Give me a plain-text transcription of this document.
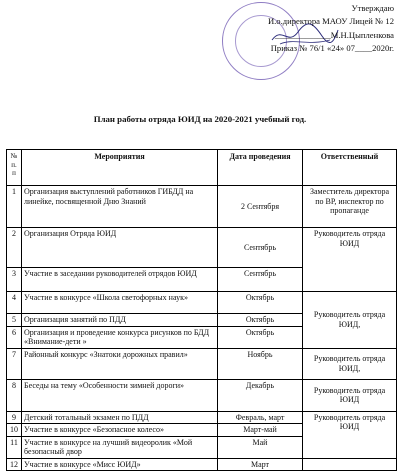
Утверждаю
И.о.директора МАОУ Лицей № 12
_____________М.Н.Цыпленкова
Приказ № 76/1 «24» 07____2020г.
План работы отряда ЮИД на 2020-2021 учебный год.
№ п. п	Мероприятия	Дата проведения	Ответственный
1	Организация выступлений работников ГИБДД на линейке, посвященной Дню Знаний	2 Сентября	Заместитель директора по ВР, инспектор по пропаганде
2	Организация Отряда ЮИД	Сентябрь	Руководитель отряда ЮИД
3	Участие в заседании руководителей отрядов ЮИД	Сентябрь	
4	Участие в конкурсе «Школа светофорных наук»	Октябрь	Руководитель отряда ЮИД,
5	Организация занятий по ПДД	Октябрь	
6	Организация и проведение конкурса рисунков по БДД «Внимание-дети »	Октябрь	
7	Районный конкурс «Знатоки дорожных правил»	Ноябрь	Руководитель отряда ЮИД,
8	Беседы на тему «Особенности зимней дороги»	Декабрь	Руководитель отряда ЮИД
9	Детский тотальный экзамен по ПДД	Февраль, март	Руководитель отряда ЮИД
10	Участие в конкурсе «Безопасное колесо»	Март-май	
11	Участие в конкурсе на лучший видеоролик «Мой безопасный двор	Май	
12	Участие в конкурсе «Мисс ЮИД»	Март	
